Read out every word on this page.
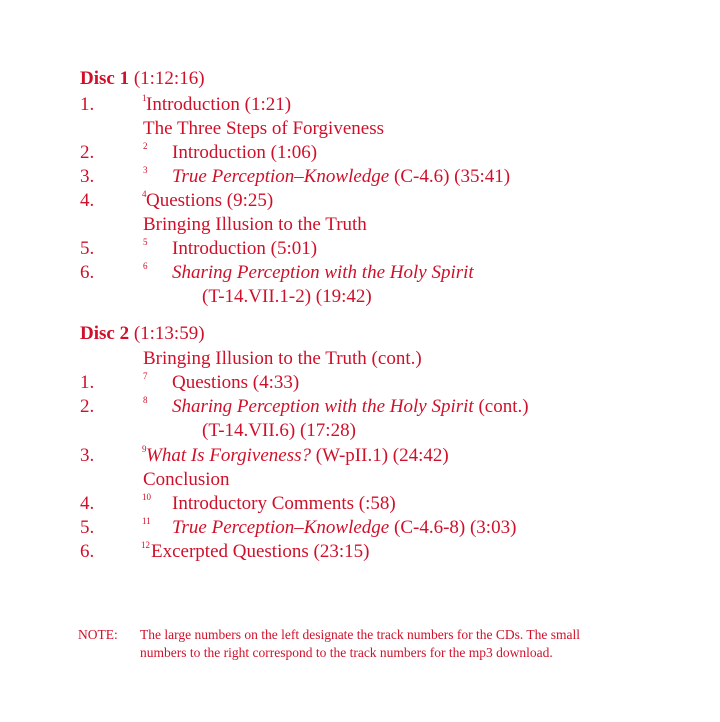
Disc 1 (1:12:16)
1.	1 Introduction (1:21)
The Three Steps of Forgiveness
2.	2 Introduction (1:06)
3.	3 True Perception–Knowledge (C-4.6) (35:41)
4.	4 Questions (9:25)
Bringing Illusion to the Truth
5.	5 Introduction (5:01)
6.	6 Sharing Perception with the Holy Spirit
(T-14.VII.1-2) (19:42)
Disc 2 (1:13:59)
Bringing Illusion to the Truth (cont.)
1.	7 Questions (4:33)
2.	8 Sharing Perception with the Holy Spirit (cont.)
(T-14.VII.6) (17:28)
3.	9 What Is Forgiveness? (W-pII.1) (24:42)
Conclusion
4.	10 Introductory Comments (:58)
5.	11 True Perception–Knowledge (C-4.6-8) (3:03)
6.	12 Excerpted Questions (23:15)
NOTE: The large numbers on the left designate the track numbers for the CDs. The small
numbers to the right correspond to the track numbers for the mp3 download.
